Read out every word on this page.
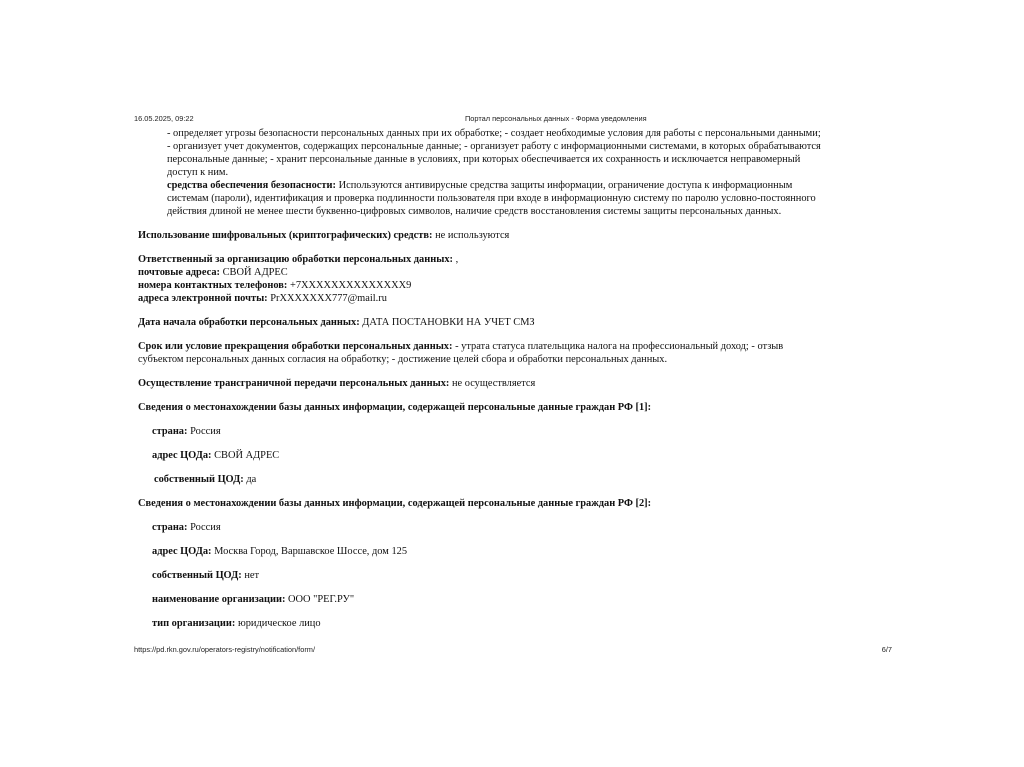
16.05.2025, 09:22	Портал персональных данных - Форма уведомления

- определяет угрозы безопасности персональных данных при их обработке; - создает необходимые условия для работы с персональными данными;

- организует учет документов, содержащих персональные данные; - организует работу с информационными системами, в которых обрабатываются

персональные данные; - хранит персональные данные в условиях, при которых обеспечивается их сохранность и исключается неправомерный

доступ к ним.

средства обеспечения безопасности: Используются антивирусные средства защиты информации, ограничение доступа к информационным

системам (пароли), идентификация и проверка подлинности пользователя при входе в информационную систему по паролю условно-постоянного

действия длиной не менее шести буквенно-цифровых символов, наличие средств восстановления системы защиты персональных данных.

Использование шифровальных (криптографических) средств: не используются

Ответственный за организацию обработки персональных данных: ,

почтовые адреса: СВОЙ АДРЕС

номера контактных телефонов: +7XXXXXXXXXXXXXX9

адреса электронной почты: PrXXXXXXX777@mail.ru

Дата начала обработки персональных данных: ДАТА ПОСТАНОВКИ НА УЧЕТ СМЗ

Срок или условие прекращения обработки персональных данных: - утрата статуса плательщика налога на профессиональный доход; - отзыв

субъектом персональных данных согласия на обработку; - достижение целей сбора и обработки персональных данных.

Осуществление трансграничной передачи персональных данных: не осуществляется

Сведения о местонахождении базы данных информации, содержащей персональные данные граждан РФ [1]:

страна: Россия

адрес ЦОДа: СВОЙ АДРЕС

собственный ЦОД: да

Сведения о местонахождении базы данных информации, содержащей персональные данные граждан РФ [2]:

страна: Россия

адрес ЦОДа: Москва Город, Варшавское Шоссе, дом 125

собственный ЦОД: нет

наименование организации: ООО "РЕГ.РУ"

тип организации: юридическое лицо

https://pd.rkn.gov.ru/operators-registry/notification/form/	6/7
